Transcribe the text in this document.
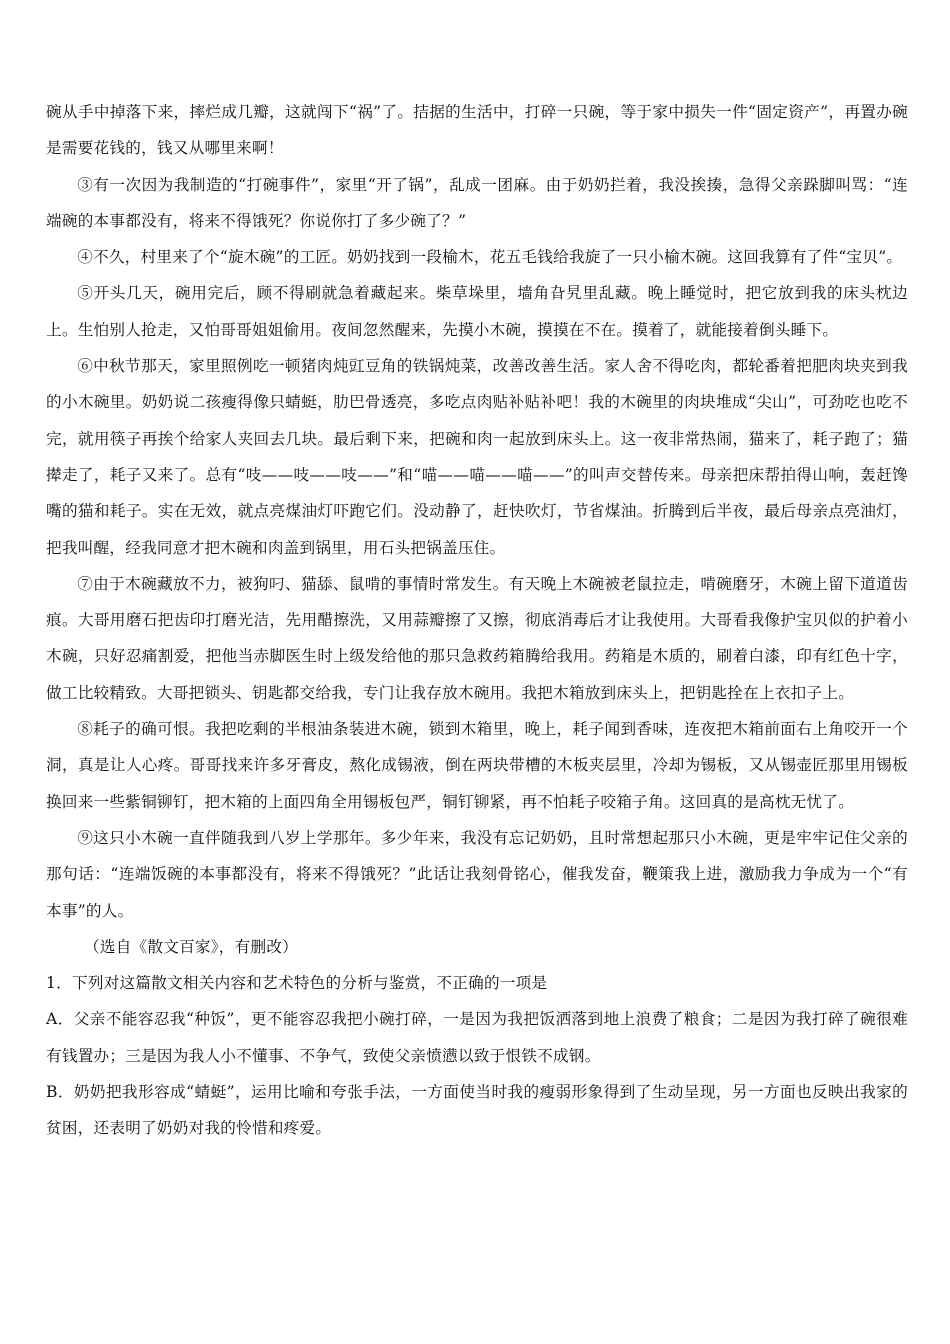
碗从手中掉落下来，摔烂成几瓣，这就闯下“祸”了。拮据的生活中，打碎一只碗，等于家中损失一件“固定资产”，再置办碗是需要花钱的，钱又从哪里来啊！

③有一次因为我制造的“打碗事件”，家里“开了锅”，乱成一团麻。由于奶奶拦着，我没挨揍，急得父亲跺脚叫骂：“连端碗的本事都没有，将来不得饿死？你说你打了多少碗了？”

④不久，村里来了个“旋木碗”的工匠。奶奶找到一段榆木，花五毛钱给我旋了一只小榆木碗。这回我算有了件“宝贝”。

⑤开头几天，碗用完后，顾不得刷就急着藏起来。柴草垛里，墙角旮旯里乱藏。晚上睡觉时，把它放到我的床头枕边上。生怕别人抢走，又怕哥哥姐姐偷用。夜间忽然醒来，先摸小木碗，摸摸在不在。摸着了，就能接着倒头睡下。

⑥中秋节那天，家里照例吃一顿猪肉炖豇豆角的铁锅炖菜，改善改善生活。家人舍不得吃肉，都轮番着把肥肉块夹到我的小木碗里。奶奶说二孩瘦得像只蜻蜓，肋巴骨透亮，多吃点肉贴补贴补吧！我的木碗里的肉块堆成“尖山”，可劲吃也吃不完，就用筷子再挨个给家人夹回去几块。最后剩下来，把碗和肉一起放到床头上。这一夜非常热闹，猫来了，耗子跑了；猫撵走了，耗子又来了。总有“吱——吱——吱——”和“喵——喵——喵——”的叫声交替传来。母亲把床帮拍得山响，轰赶馋嘴的猫和耗子。实在无效，就点亮煤油灯吓跑它们。没动静了，赶快吹灯，节省煤油。折腾到后半夜，最后母亲点亮油灯，把我叫醒，经我同意才把木碗和肉盖到锅里，用石头把锅盖压住。

⑦由于木碗藏放不力，被狗叼、猫舔、鼠啃的事情时常发生。有天晚上木碗被老鼠拉走，啃碗磨牙，木碗上留下道道齿痕。大哥用磨石把齿印打磨光洁，先用醋擦洗，又用蒜瓣擦了又擦，彻底消毒后才让我使用。大哥看我像护宝贝似的护着小木碗，只好忍痛割爱，把他当赤脚医生时上级发给他的那只急救药箱腾给我用。药箱是木质的，刷着白漆，印有红色十字，做工比较精致。大哥把锁头、钥匙都交给我，专门让我存放木碗用。我把木箱放到床头上，把钥匙拴在上衣扣子上。

⑧耗子的确可恨。我把吃剩的半根油条装进木碗，锁到木箱里，晚上，耗子闻到香味，连夜把木箱前面右上角咬开一个洞，真是让人心疼。哥哥找来许多牙膏皮，熬化成锡液，倒在两块带槽的木板夹层里，冷却为锡板，又从锡壶匠那里用锡板换回来一些紫铜铆钉，把木箱的上面四角全用锡板包严，铜钉铆紧，再不怕耗子咬箱子角。这回真的是高枕无忧了。

⑨这只小木碗一直伴随我到八岁上学那年。多少年来，我没有忘记奶奶，且时常想起那只小木碗，更是牢牢记住父亲的那句话：“连端饭碗的本事都没有，将来不得饿死？”此话让我刻骨铭心，催我发奋，鞭策我上进，激励我力争成为一个“有本事”的人。

（选自《散文百家》，有删改）

1．下列对这篇散文相关内容和艺术特色的分析与鉴赏，不正确的一项是

A．父亲不能容忍我“种饭”，更不能容忍我把小碗打碎，一是因为我把饭洒落到地上浪费了粮食；二是因为我打碎了碗很难有钱置办；三是因为我人小不懂事、不争气，致使父亲愤懑以致于恨铁不成钢。

B．奶奶把我形容成“蜻蜓”，运用比喻和夸张手法，一方面使当时我的瘦弱形象得到了生动呈现，另一方面也反映出我家的贫困，还表明了奶奶对我的怜惜和疼爱。
